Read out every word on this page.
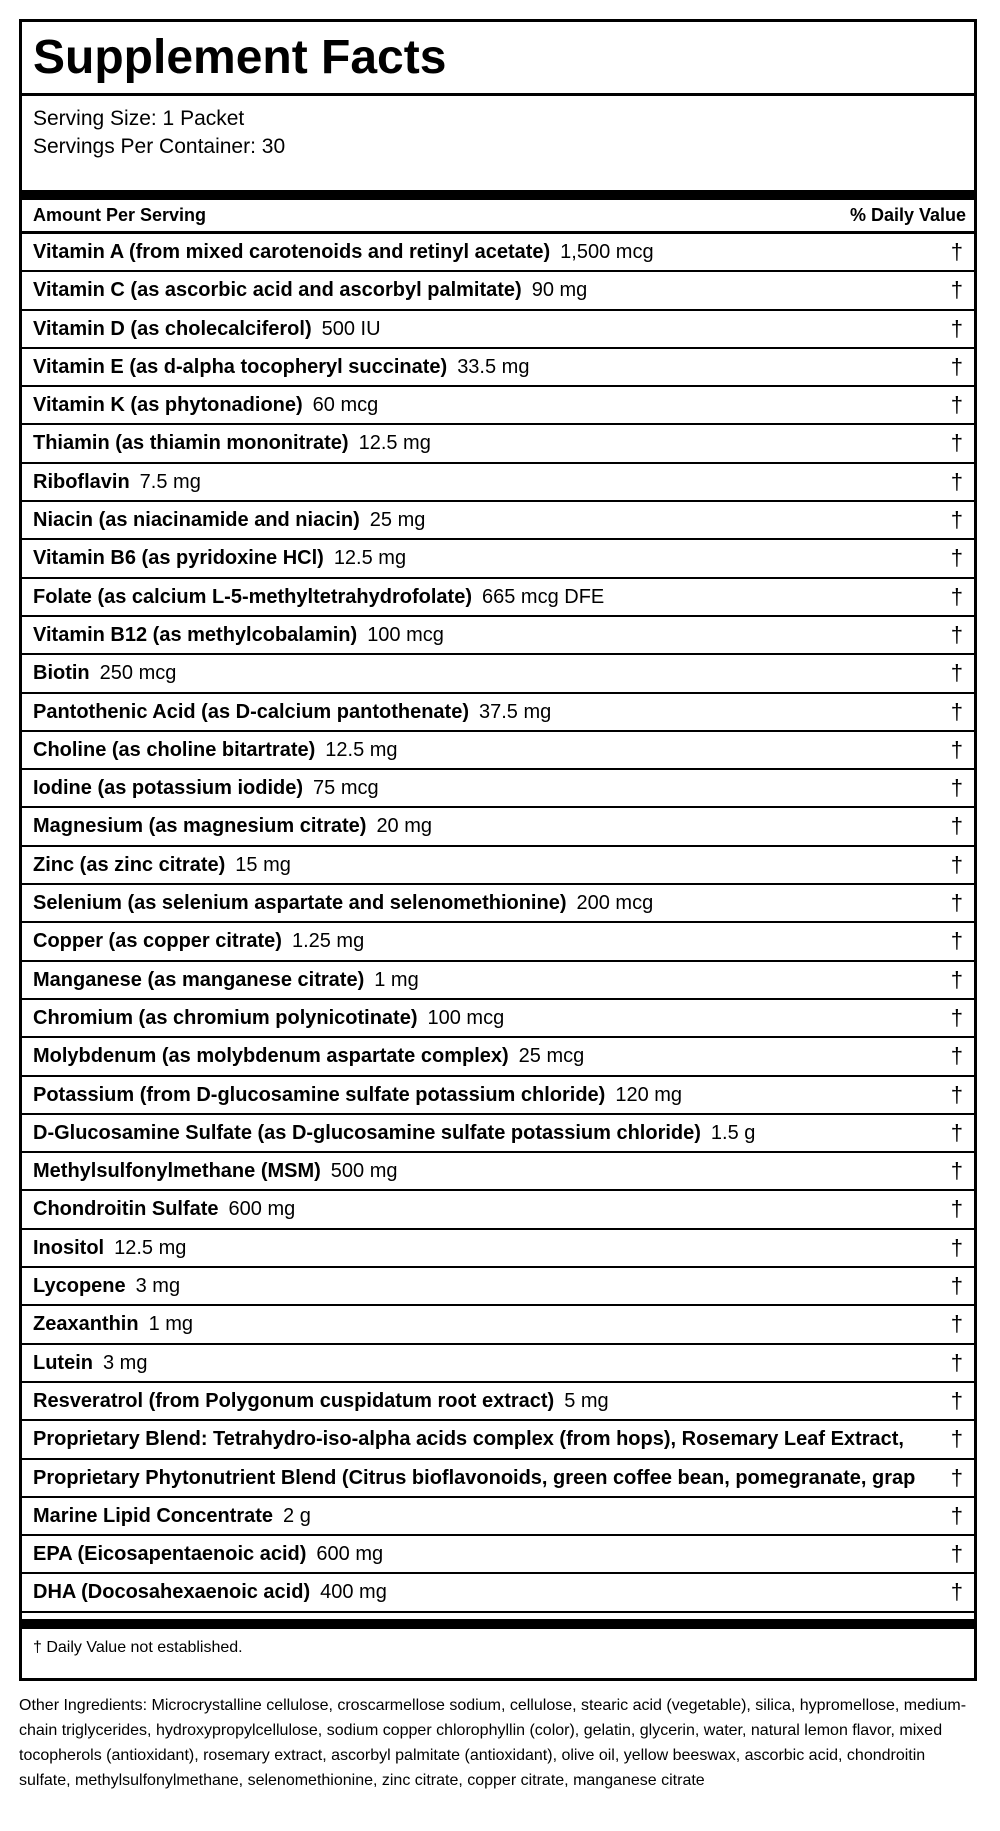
Supplement Facts
Serving Size: 1 Packet
Servings Per Container: 30
Amount Per Serving	% Daily Value
Vitamin A (from mixed carotenoids and retinyl acetate) 1,500 mcg	†
Vitamin C (as ascorbic acid and ascorbyl palmitate) 90 mg	†
Vitamin D (as cholecalciferol) 500 IU	†
Vitamin E (as d-alpha tocopheryl succinate) 33.5 mg	†
Vitamin K (as phytonadione) 60 mcg	†
Thiamin (as thiamin mononitrate) 12.5 mg	†
Riboflavin 7.5 mg	†
Niacin (as niacinamide and niacin) 25 mg	†
Vitamin B6 (as pyridoxine HCl) 12.5 mg	†
Folate (as calcium L-5-methyltetrahydrofolate) 665 mcg DFE	†
Vitamin B12 (as methylcobalamin) 100 mcg	†
Biotin 250 mcg	†
Pantothenic Acid (as D-calcium pantothenate) 37.5 mg	†
Choline (as choline bitartrate) 12.5 mg	†
Iodine (as potassium iodide) 75 mcg	†
Magnesium (as magnesium citrate) 20 mg	†
Zinc (as zinc citrate) 15 mg	†
Selenium (as selenium aspartate and selenomethionine) 200 mcg	†
Copper (as copper citrate) 1.25 mg	†
Manganese (as manganese citrate) 1 mg	†
Chromium (as chromium polynicotinate) 100 mcg	†
Molybdenum (as molybdenum aspartate complex) 25 mcg	†
Potassium (from D-glucosamine sulfate potassium chloride) 120 mg	†
D-Glucosamine Sulfate (as D-glucosamine sulfate potassium chloride) 1.5 g	†
Methylsulfonylmethane (MSM) 500 mg	†
Chondroitin Sulfate 600 mg	†
Inositol 12.5 mg	†
Lycopene 3 mg	†
Zeaxanthin 1 mg	†
Lutein 3 mg	†
Resveratrol (from Polygonum cuspidatum root extract) 5 mg	†
Proprietary Blend: Tetrahydro-iso-alpha acids complex (from hops), Rosemary Leaf Extract,	†
Proprietary Phytonutrient Blend (Citrus bioflavonoids, green coffee bean, pomegranate, grap	†
Marine Lipid Concentrate 2 g	†
EPA (Eicosapentaenoic acid) 600 mg	†
DHA (Docosahexaenoic acid) 400 mg	†
† Daily Value not established.
Other Ingredients: Microcrystalline cellulose, croscarmellose sodium, cellulose, stearic acid (vegetable), silica, hypromellose, medium-chain triglycerides, hydroxypropylcellulose, sodium copper chlorophyllin (color), gelatin, glycerin, water, natural lemon flavor, mixed tocopherols (antioxidant), rosemary extract, ascorbyl palmitate (antioxidant), olive oil, yellow beeswax, ascorbic acid, chondroitin sulfate, methylsulfonylmethane, selenomethionine, zinc citrate, copper citrate, manganese citrate
